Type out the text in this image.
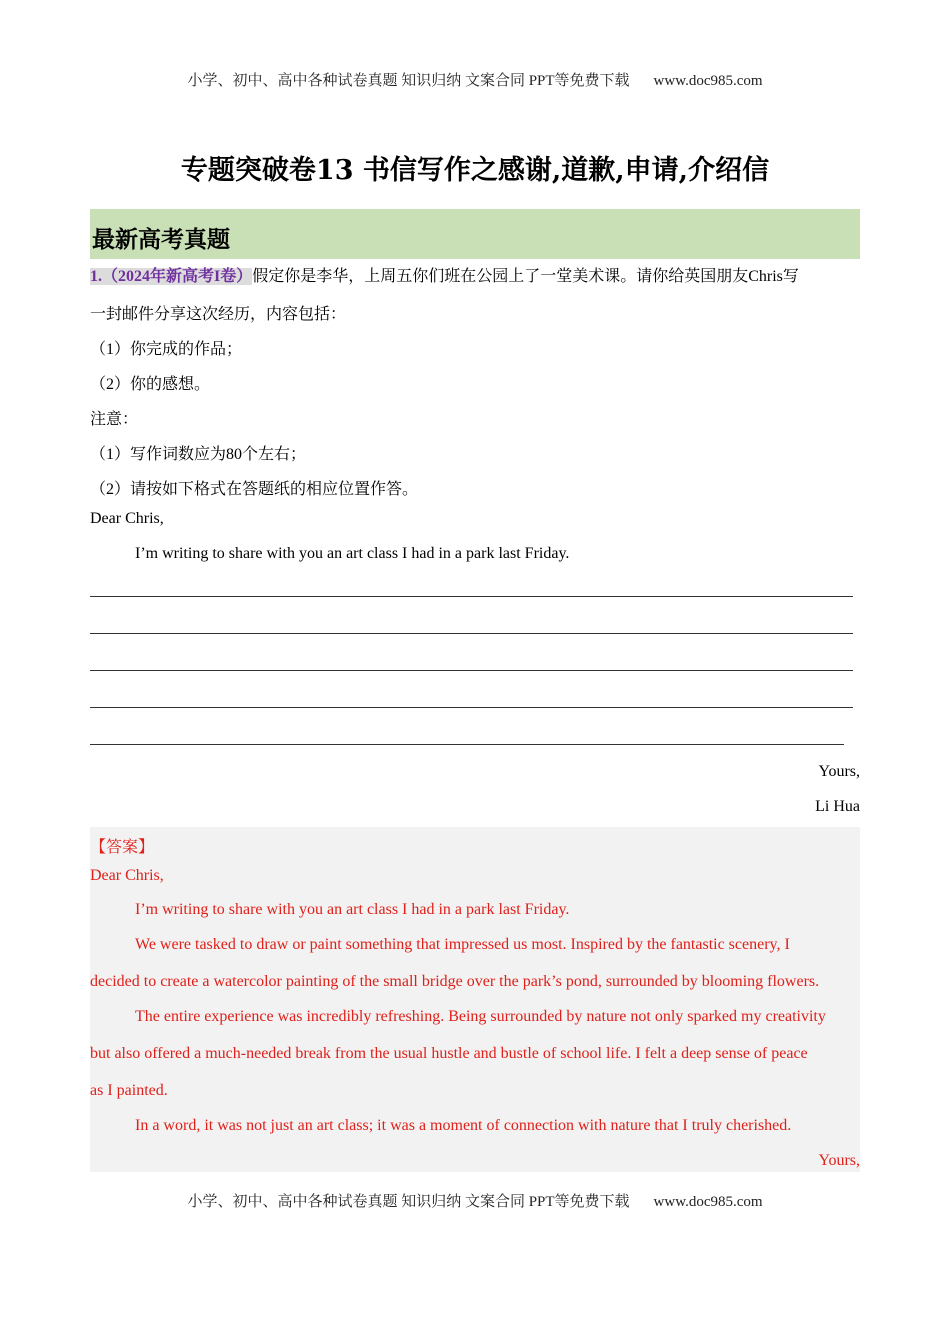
小学、初中、高中各种试卷真题 知识归纳 文案合同 PPT等免费下载 www.doc985.com
专题突破卷13 书信写作之感谢,道歉,申请,介绍信
最新高考真题
1.（2024年新高考I卷）假定你是李华，上周五你们班在公园上了一堂美术课。请你给英国朋友Chris写
一封邮件分享这次经历，内容包括：
（1）你完成的作品；
（2）你的感想。
注意：
（1）写作词数应为80个左右；
（2）请按如下格式在答题纸的相应位置作答。
Dear Chris,
I’m writing to share with you an art class I had in a park last Friday.
Yours,
Li Hua
【答案】
Dear Chris,
I’m writing to share with you an art class I had in a park last Friday.
We were tasked to draw or paint something that impressed us most. Inspired by the fantastic scenery, I
decided to create a watercolor painting of the small bridge over the park’s pond, surrounded by blooming flowers.
The entire experience was incredibly refreshing. Being surrounded by nature not only sparked my creativity
but also offered a much-needed break from the usual hustle and bustle of school life. I felt a deep sense of peace
as I painted.
In a word, it was not just an art class; it was a moment of connection with nature that I truly cherished.
Yours,
小学、初中、高中各种试卷真题 知识归纳 文案合同 PPT等免费下载 www.doc985.com
